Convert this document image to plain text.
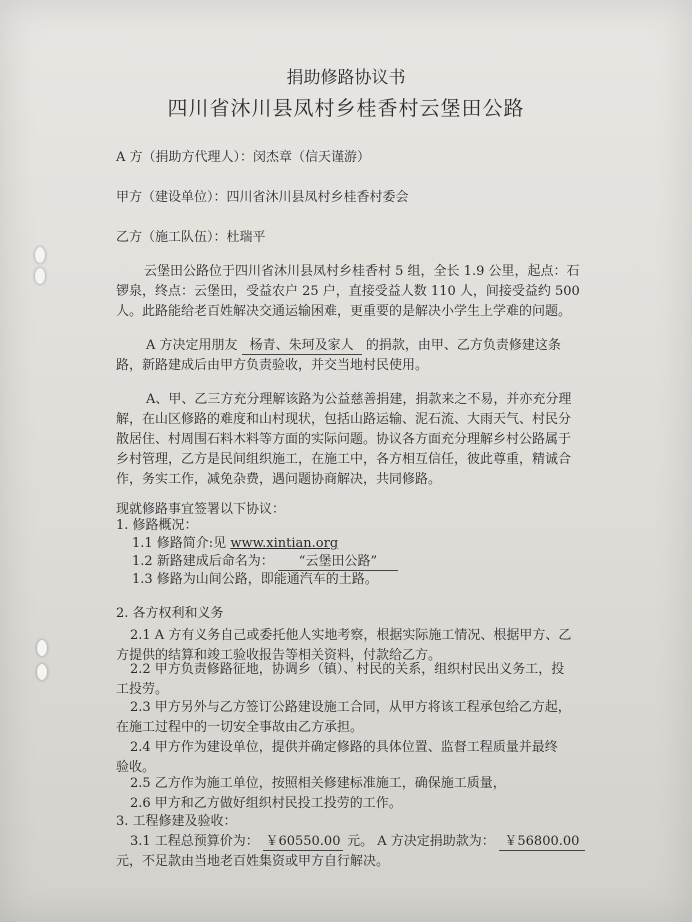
捐助修路协议书
四川省沐川县凤村乡桂香村云堡田公路
A 方（捐助方代理人）：闵杰章（信天谨游）
甲方（建设单位）：四川省沐川县凤村乡桂香村委会
乙方（施工队伍）：杜瑞平
云堡田公路位于四川省沐川县凤村乡桂香村 5 组，全长 1.9 公里，起点：石
锣泉，终点：云堡田，受益农户 25 户，直接受益人数 110 人，间接受益约 500
人。此路能给老百姓解决交通运输困难，更重要的是解决小学生上学难的问题。
A 方决定用朋友 杨青、朱珂及家人 的捐款，由甲、乙方负责修建这条
路，新路建成后由甲方负责验收，并交当地村民使用。
A、甲、乙三方充分理解该路为公益慈善捐建，捐款来之不易，并亦充分理
解，在山区修路的难度和山村现状，包括山路运输、泥石流、大雨天气、村民分
散居住、村周围石料木料等方面的实际问题。协议各方面充分理解乡村公路属于
乡村管理，乙方是民间组织施工，在施工中，各方相互信任，彼此尊重，精诚合
作，务实工作，减免杂费，遇问题协商解决，共同修路。
现就修路事宜签署以下协议：
1. 修路概况：
1.1 修路简介:见 www.xintian.org
1.2 新路建成后命名为： “云堡田公路”
1.3 修路为山间公路，即能通汽车的土路。
2. 各方权利和义务
2.1 A 方有义务自己或委托他人实地考察，根据实际施工情况、根据甲方、乙
方提供的结算和竣工验收报告等相关资料，付款给乙方。
2.2 甲方负责修路征地，协调乡（镇）、村民的关系，组织村民出义务工，投
工投劳。
2.3 甲方另外与乙方签订公路建设施工合同，从甲方将该工程承包给乙方起，
在施工过程中的一切安全事故由乙方承担。
2.4 甲方作为建设单位，提供并确定修路的具体位置、监督工程质量并最终
验收。
2.5 乙方作为施工单位，按照相关修建标准施工，确保施工质量，
2.6 甲方和乙方做好组织村民投工投劳的工作。
3. 工程修建及验收：
3.1 工程总预算价为： ￥60550.00 元。 A 方决定捐助款为： ￥56800.00
元，不足款由当地老百姓集资或甲方自行解决。
